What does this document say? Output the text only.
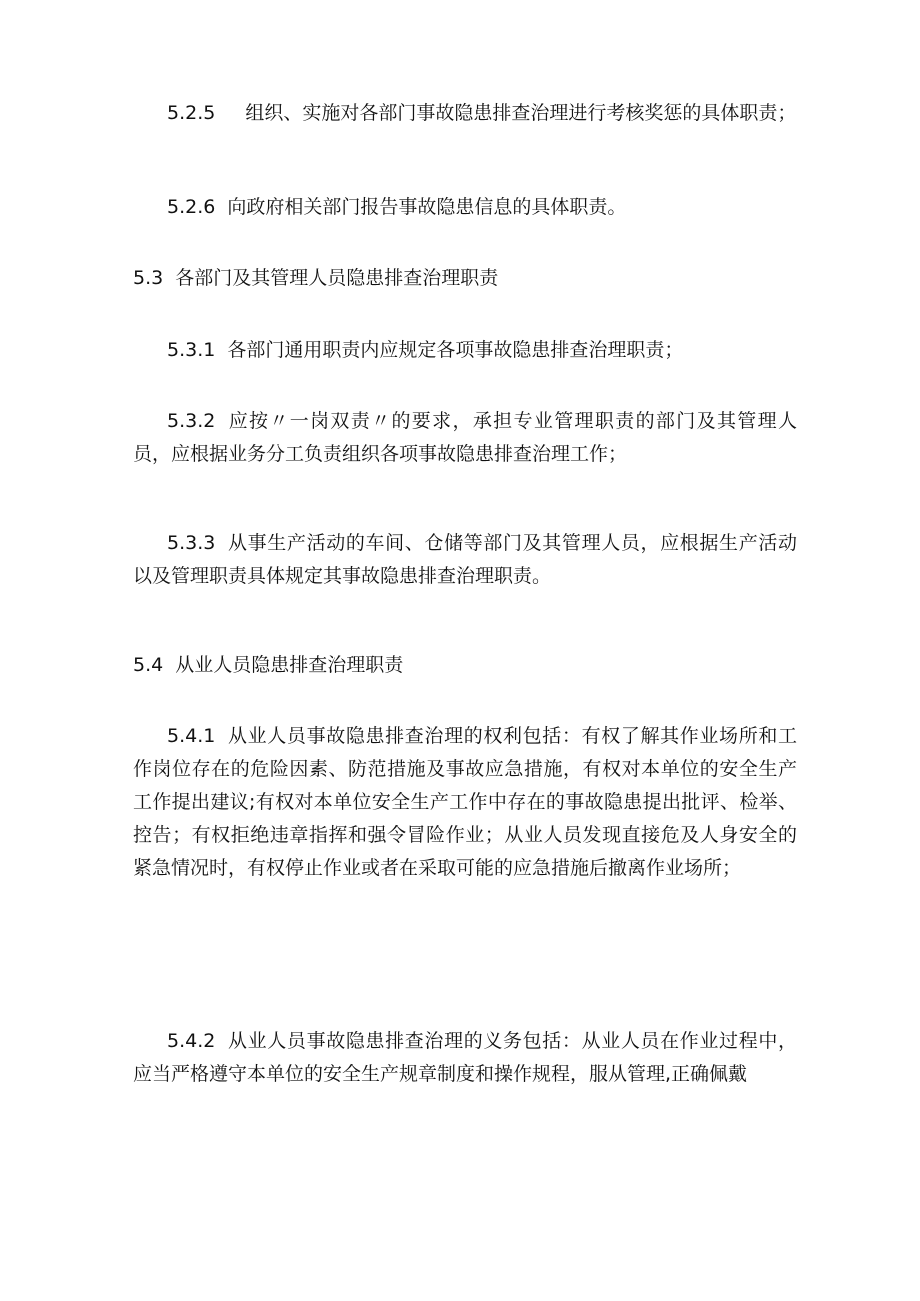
5.2.5 组织、实施对各部门事故隐患排查治理进行考核奖惩的具体职责；

5.2.6 向政府相关部门报告事故隐患信息的具体职责。

5.3 各部门及其管理人员隐患排查治理职责

5.3.1 各部门通用职责内应规定各项事故隐患排查治理职责；

5.3.2 应按〃一岗双责〃的要求，承担专业管理职责的部门及其管理人员，应根据业务分工负责组织各项事故隐患排查治理工作；

5.3.3 从事生产活动的车间、仓储等部门及其管理人员，应根据生产活动以及管理职责具体规定其事故隐患排查治理职责。

5.4 从业人员隐患排查治理职责

5.4.1 从业人员事故隐患排查治理的权利包括：有权了解其作业场所和工作岗位存在的危险因素、防范措施及事故应急措施，有权对本单位的安全生产工作提出建议;有权对本单位安全生产工作中存在的事故隐患提出批评、检举、控告；有权拒绝违章指挥和强令冒险作业；从业人员发现直接危及人身安全的紧急情况时，有权停止作业或者在采取可能的应急措施后撤离作业场所；

5.4.2 从业人员事故隐患排查治理的义务包括：从业人员在作业过程中，应当严格遵守本单位的安全生产规章制度和操作规程，服从管理,正确佩戴
